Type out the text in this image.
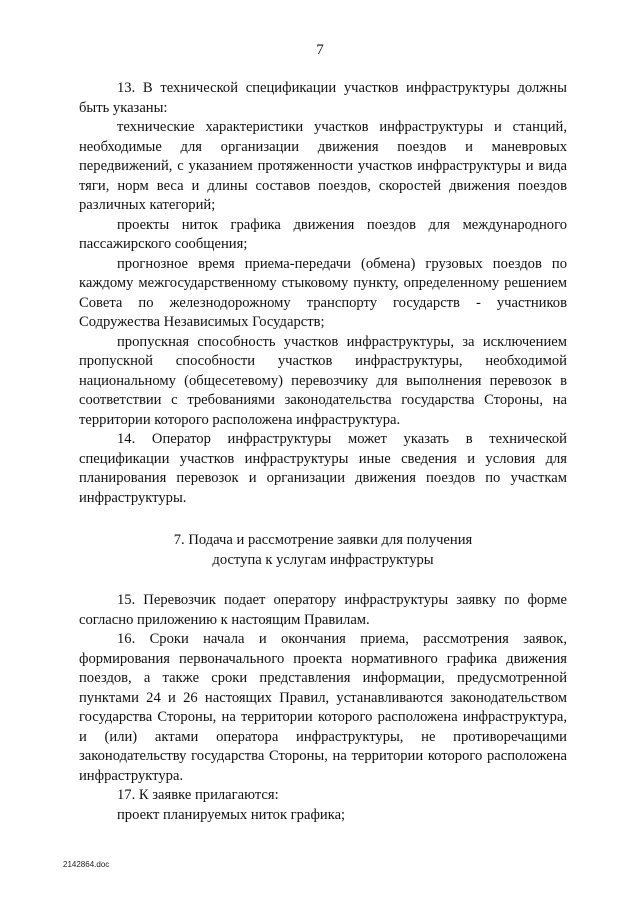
7

13. В технической спецификации участков инфраструктуры должны быть указаны:

технические характеристики участков инфраструктуры и станций, необходимые для организации движения поездов и маневровых передвижений, с указанием протяженности участков инфраструктуры и вида тяги, норм веса и длины составов поездов, скоростей движения поездов различных категорий;

проекты ниток графика движения поездов для международного пассажирского сообщения;

прогнозное время приема-передачи (обмена) грузовых поездов по каждому межгосударственному стыковому пункту, определенному решением Совета по железнодорожному транспорту государств - участников Содружества Независимых Государств;

пропускная способность участков инфраструктуры, за исключением пропускной способности участков инфраструктуры, необходимой национальному (общесетевому) перевозчику для выполнения перевозок в соответствии с требованиями законодательства государства Стороны, на территории которого расположена инфраструктура.

14. Оператор инфраструктуры может указать в технической спецификации участков инфраструктуры иные сведения и условия для планирования перевозок и организации движения поездов по участкам инфраструктуры.

7. Подача и рассмотрение заявки для получения
доступа к услугам инфраструктуры

15. Перевозчик подает оператору инфраструктуры заявку по форме согласно приложению к настоящим Правилам.

16. Сроки начала и окончания приема, рассмотрения заявок, формирования первоначального проекта нормативного графика движения поездов, а также сроки представления информации, предусмотренной пунктами 24 и 26 настоящих Правил, устанавливаются законодательством государства Стороны, на территории которого расположена инфраструктура, и (или) актами оператора инфраструктуры, не противоречащими законодательству государства Стороны, на территории которого расположена инфраструктура.

17. К заявке прилагаются:

проект планируемых ниток графика;

2142864.doc
